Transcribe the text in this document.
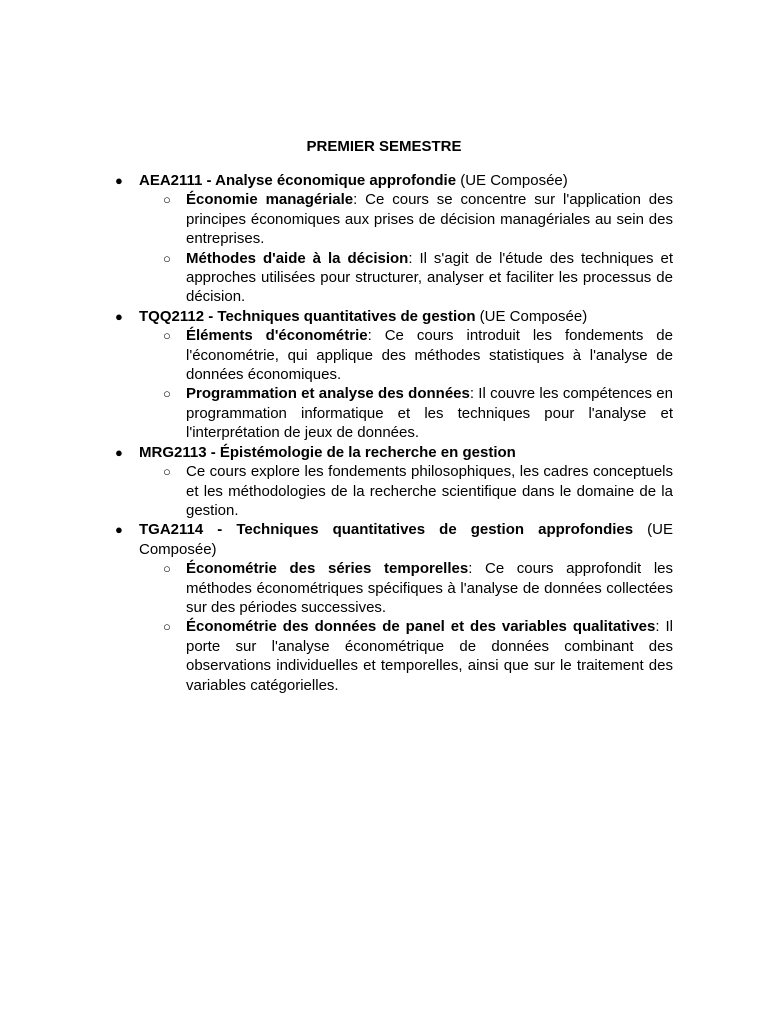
PREMIER SEMESTRE
● AEA2111 - Analyse économique approfondie (UE Composée)
○ Économie managériale: Ce cours se concentre sur l'application des principes économiques aux prises de décision managériales au sein des entreprises.
○ Méthodes d'aide à la décision: Il s'agit de l'étude des techniques et approches utilisées pour structurer, analyser et faciliter les processus de décision.
● TQQ2112 - Techniques quantitatives de gestion (UE Composée)
○ Éléments d'économétrie: Ce cours introduit les fondements de l'économétrie, qui applique des méthodes statistiques à l'analyse de données économiques.
○ Programmation et analyse des données: Il couvre les compétences en programmation informatique et les techniques pour l'analyse et l'interprétation de jeux de données.
● MRG2113 - Épistémologie de la recherche en gestion
○ Ce cours explore les fondements philosophiques, les cadres conceptuels et les méthodologies de la recherche scientifique dans le domaine de la gestion.
● TGA2114 - Techniques quantitatives de gestion approfondies (UE Composée)
○ Économétrie des séries temporelles: Ce cours approfondit les méthodes économétriques spécifiques à l'analyse de données collectées sur des périodes successives.
○ Économétrie des données de panel et des variables qualitatives: Il porte sur l'analyse économétrique de données combinant des observations individuelles et temporelles, ainsi que sur le traitement des variables catégorielles.
